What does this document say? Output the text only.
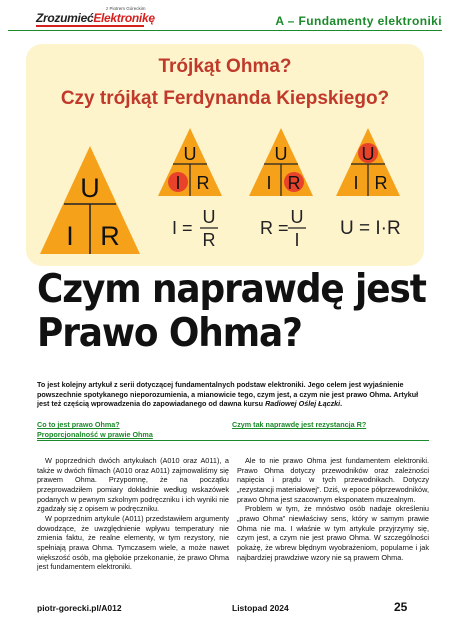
ZrozumiećElektronikę
z Piotrem Góreckim
A – Fundamenty elektroniki
Trójkąt Ohma?
Czy trójkąt Ferdynanda Kiepskiego?
U
I R
U
I R
U
I R
U
I R
I =
U
R
R =
U
I
U = I·R
Czym naprawdę jest
Prawo Ohma?
To jest kolejny artykuł z serii dotyczącej fundamentalnych podstaw elektroniki. Jego celem jest wyjaśnienie powszechnie spotykanego nieporozumienia, a mianowicie tego, czym jest, a czym nie jest prawo Ohma. Artykuł jest też częścią wprowadzenia do zapowiadanego od dawna kursu Radiowej Oślej Łączki.
Co to jest prawo Ohma?
Proporcjonalność w prawie Ohma
Czym tak naprawdę jest rezystancja R?

W poprzednich dwóch artykułach (A010 oraz A011), a także w dwóch filmach (A010 oraz A011) zajmowaliśmy się prawem Ohma. Przypomnę, że na początku przeprowadziłem pomiary dokładnie według wskazówek podanych w pewnym szkolnym podręczniku i ich wyniki nie zgadzały się z opisem w podręczniku.

W poprzednim artykule (A011) przedstawiłem argumenty dowodzące, że uwzględnienie wpływu temperatury nie zmienia faktu, że realne elementy, w tym rezystory, nie spełniają prawa Ohma. Tymczasem wiele, a może nawet większość osób, ma głębokie przekonanie, że prawo Ohma jest fundamentem elektroniki.

Ale to nie prawo Ohma jest fundamentem elektroniki. Prawo Ohma dotyczy przewodników oraz zależności napięcia i prądu w tych przewodnikach. Dotyczy „rezystancji materiałowej”. Dziś, w epoce półprzewodników, prawo Ohma jest szacownym eksponatem muzealnym.

Problem w tym, że mnóstwo osób nadaje określeniu „prawo Ohma” niewłaściwy sens, który w samym prawie Ohma nie ma. I właśnie w tym artykule przyjrzymy się, czym jest, a czym nie jest prawo Ohma. W szczególności pokażę, że wbrew błędnym wyobrażeniom, popularne i jak najbardziej prawdziwe wzory nie są prawem Ohma.

piotr-gorecki.pl/A012	Listopad 2024	25
